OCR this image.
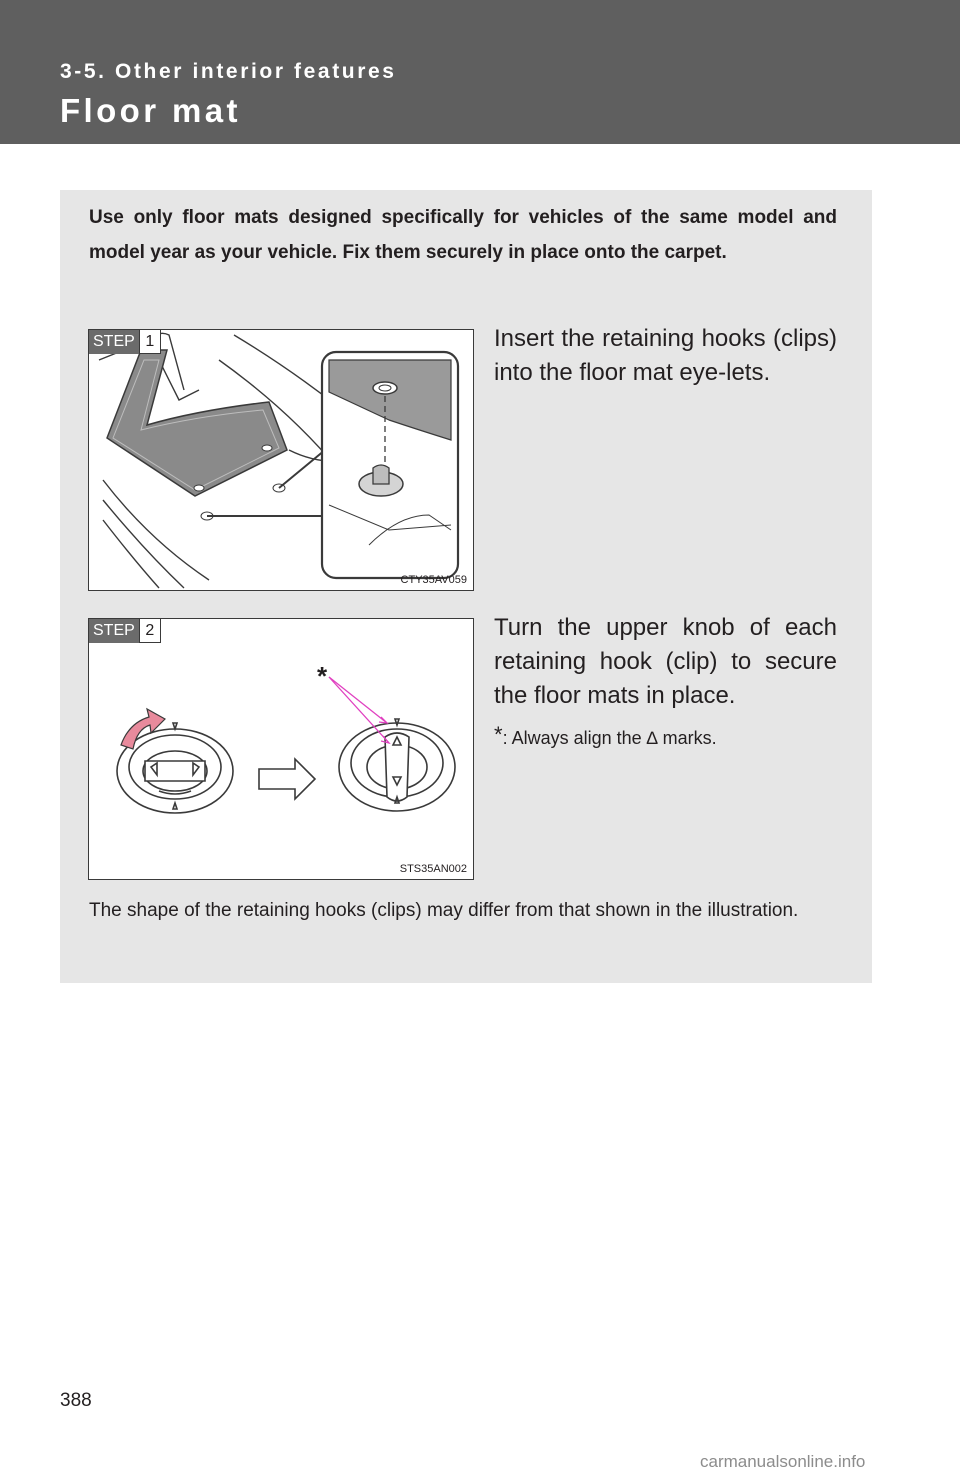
3-5. Other interior features
Floor mat
Use only floor mats designed specifically for vehicles of the same model and model year as your vehicle. Fix them securely in place onto the carpet.
STEP 1
CTY35AV059
Insert the retaining hooks (clips) into the floor mat eye-lets.
*
STEP 2
STS35AN002
Turn the upper knob of each retaining hook (clip) to secure the floor mats in place.
*: Always align the ∆ marks.
The shape of the retaining hooks (clips) may differ from that shown in the illustration.
388
carmanualsonline.info
